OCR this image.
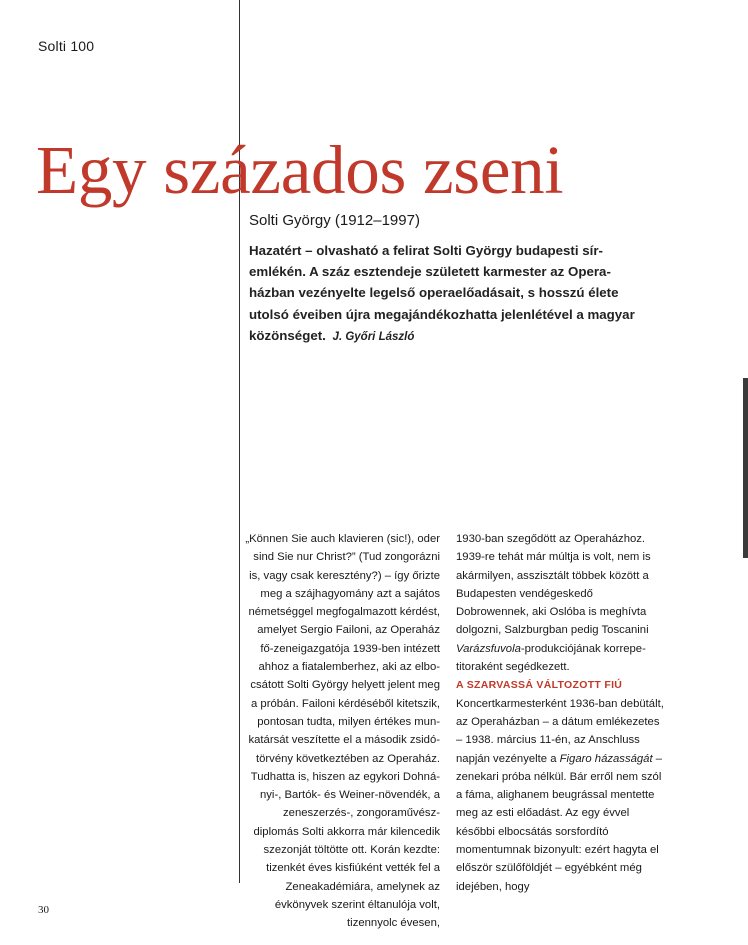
Solti 100
Egy százados zseni
Solti György (1912–1997)

Hazatért – olvasható a felirat Solti György budapesti síremlékén. A száz esztendeje született karmester az Operaházban vezényelte legelső operaelőadásait, s hosszú élete utolsó éveiben újra megajándékozhatta jelenlétével a magyar közönséget. J. Győri László

„Können Sie auch klavieren (sic!), oder sind Sie nur Christ?” (Tud zongorázni is, vagy csak keresztény?) – így őrizte meg a szájhagyomány azt a sajátos németséggel megfogalmazott kérdést, amelyet Sergio Failoni, az Operaház fő-zeneigazgatója 1939-ben intézett ahhoz a fiatalemberhez, aki az elbocsátott Solti György helyett jelent meg a próbán. Failoni kérdéséből kitetszik, pontosan tudta, milyen értékes munkatársát veszítette el a második zsidótörvény következtében az Operaház. Tudhatta is, hiszen az egykori Dohnányi-, Bartók- és Weiner-növendék, a zeneszerzés-, zongoraművész-diplomás Solti akkorra már kilencedik szezonját töltötte ott. Korán kezdte: tizenkét éves kisfiúként vették fel a Zeneakadémiára, amelynek az évkönyvek szerint éltanulója volt, tizennyolc évesen,

1930-ban szegődött az Operaházhoz. 1939-re tehát már múltja is volt, nem is akármilyen, asszisztált többek között a Budapesten vendégeskedő Dobrowennek, aki Oslóba is meghívta dolgozni, Salzburgban pedig Toscanini Varázsfuvola-produkciójának korrepetitoraként segédkezett.

A SZARVASSÁ VÁLTOZOTT FIÚ

Koncertkarmesterként 1936-ban debütált, az Operaházban – a dátum emlékezetes – 1938. március 11-én, az Anschluss napján vezényelte a Figaro házasságát – zenekari próba nélkül. Bár erről nem szól a fáma, alighanem beugrással mentette meg az esti előadást. Az egy évvel későbbi elbocsátás sorsfordító momentumnak bizonyult: ezért hagyta el először szülőföldjét – egyébként még idejében, hogy

30
